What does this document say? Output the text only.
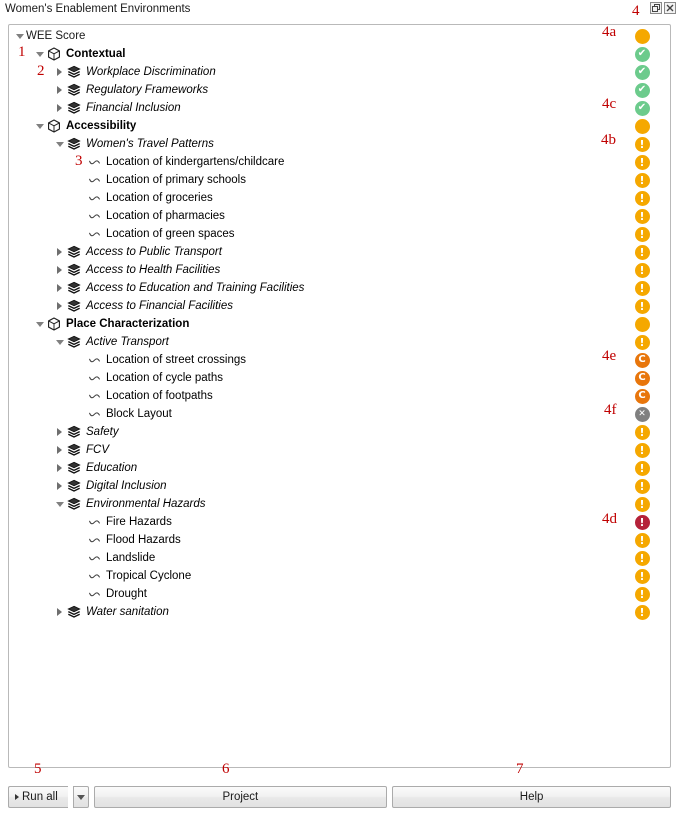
Women's Enablement Environments
WEE Score
Contextual	✔
Workplace Discrimination	✔
Regulatory Frameworks	✔
Financial Inclusion	✔
Accessibility
Women's Travel Patterns	!
Location of kindergartens/childcare	!
Location of primary schools	!
Location of groceries	!
Location of pharmacies	!
Location of green spaces	!
Access to Public Transport	!
Access to Health Facilities	!
Access to Education and Training Facilities	!
Access to Financial Facilities	!
Place Characterization
Active Transport	!
Location of street crossings	C
Location of cycle paths	C
Location of footpaths	C
Block Layout	✕
Safety	!
FCV	!
Education	!
Digital Inclusion	!
Environmental Hazards	!
Fire Hazards	!
Flood Hazards	!
Landslide	!
Tropical Cyclone	!
Drought	!
Water sanitation	!
Run all	Project	Help
1
2
3
4
4a
4b
4c
4d
4e
4f
5	6	7
